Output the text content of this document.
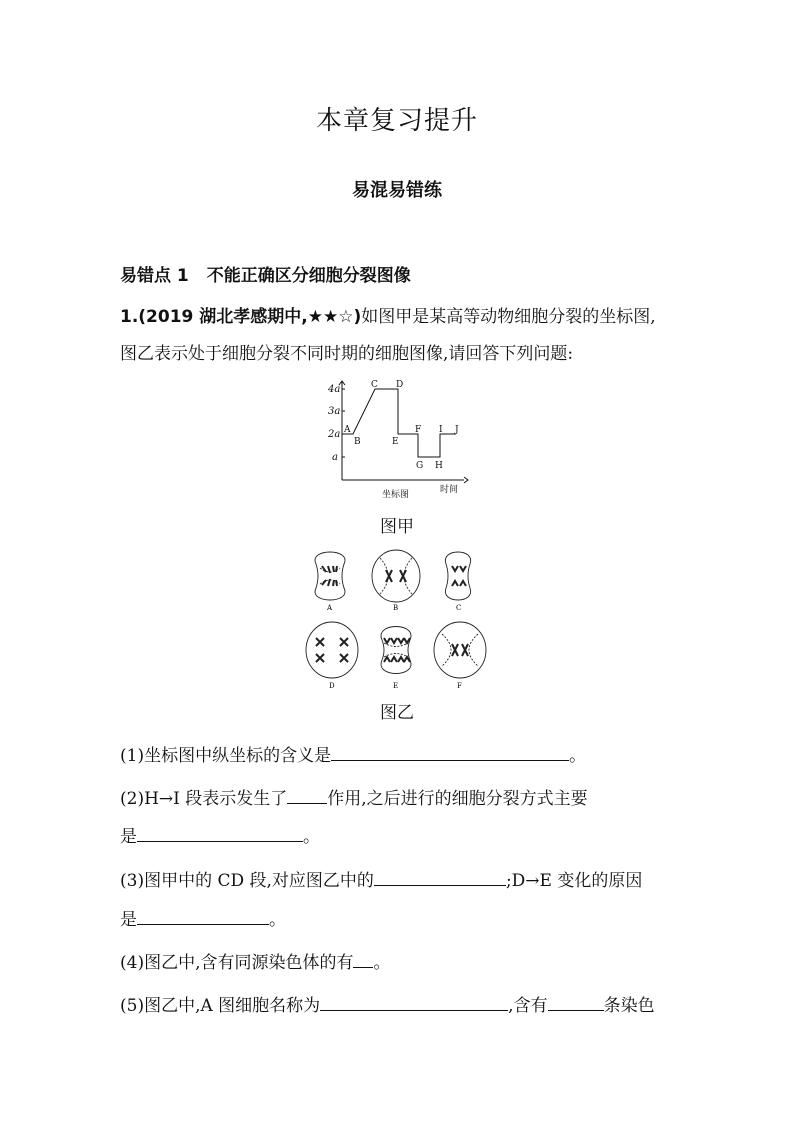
本章复习提升
易混易错练
易错点 1 不能正确区分细胞分裂图像
1.(2019 湖北孝感期中,★★☆)如图甲是某高等动物细胞分裂的坐标图,
图乙表示处于细胞分裂不同时期的细胞图像,请回答下列问题:
4a
3a
2a
a
A
B
C D
E
F
G H
I J
坐标图	时间
图甲
A	B	C
D	E	F
图乙
(1)坐标图中纵坐标的含义是	。
(2)H→I 段表示发生了 作用,之后进行的细胞分裂方式主要
是	。
(3)图甲中的 CD 段,对应图乙中的	;D→E 变化的原因
是	。
(4)图乙中,含有同源染色体的有 。
(5)图乙中,A 图细胞名称为	,含有	条染色
